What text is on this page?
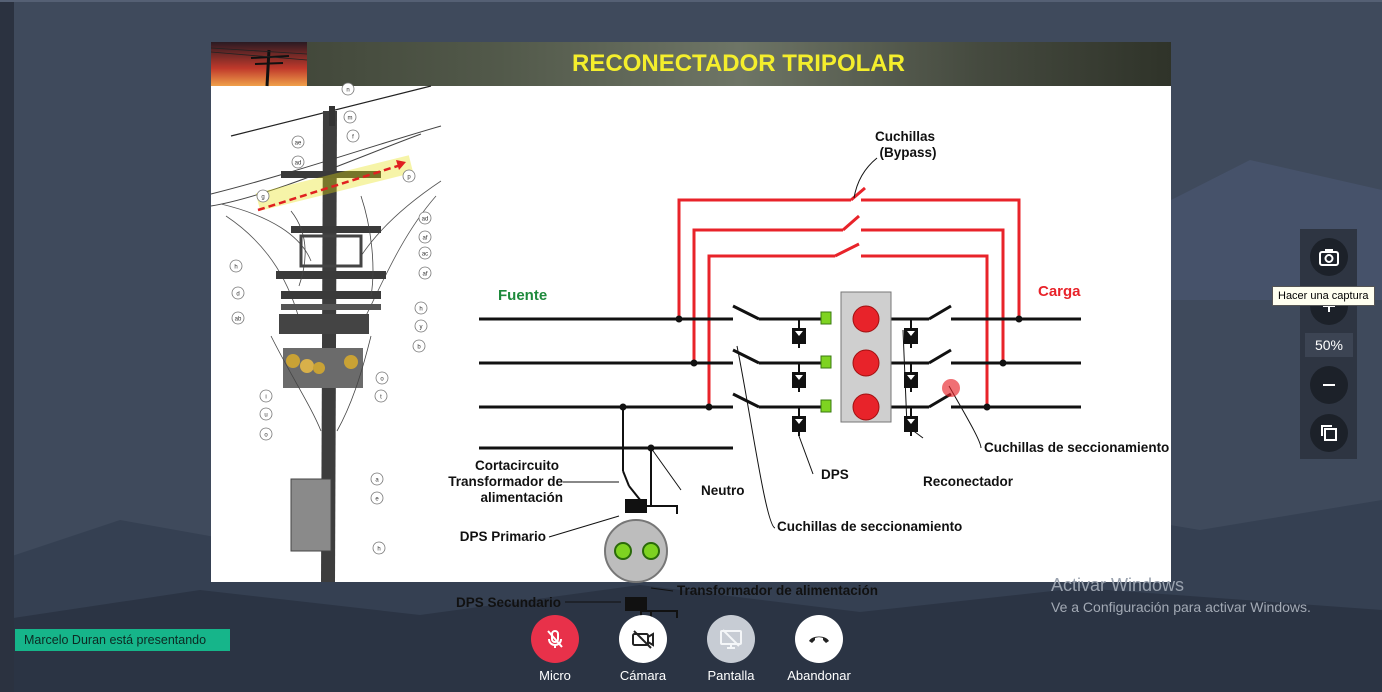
RECONECTADOR TRIPOLAR
n
m
f
ae
ad
p
g
ad
af
ac
af
h
d
ab
h
y
b
o
t
i
u
o
a
e
h
Cuchillas
(Bypass)
Fuente	Carga
DPS	Reconectador
Cuchillas de seccionamiento
Cuchillas de seccionamiento
Neutro
Cortacircuito
Transformador de
alimentación
DPS Primario
DPS Secundario
Transformador de alimentación
50%
Hacer una captura
Activar Windows
Ve a Configuración para activar Windows.
Marcelo Duran está presentando
Micro	Cámara	Pantalla	Abandonar
